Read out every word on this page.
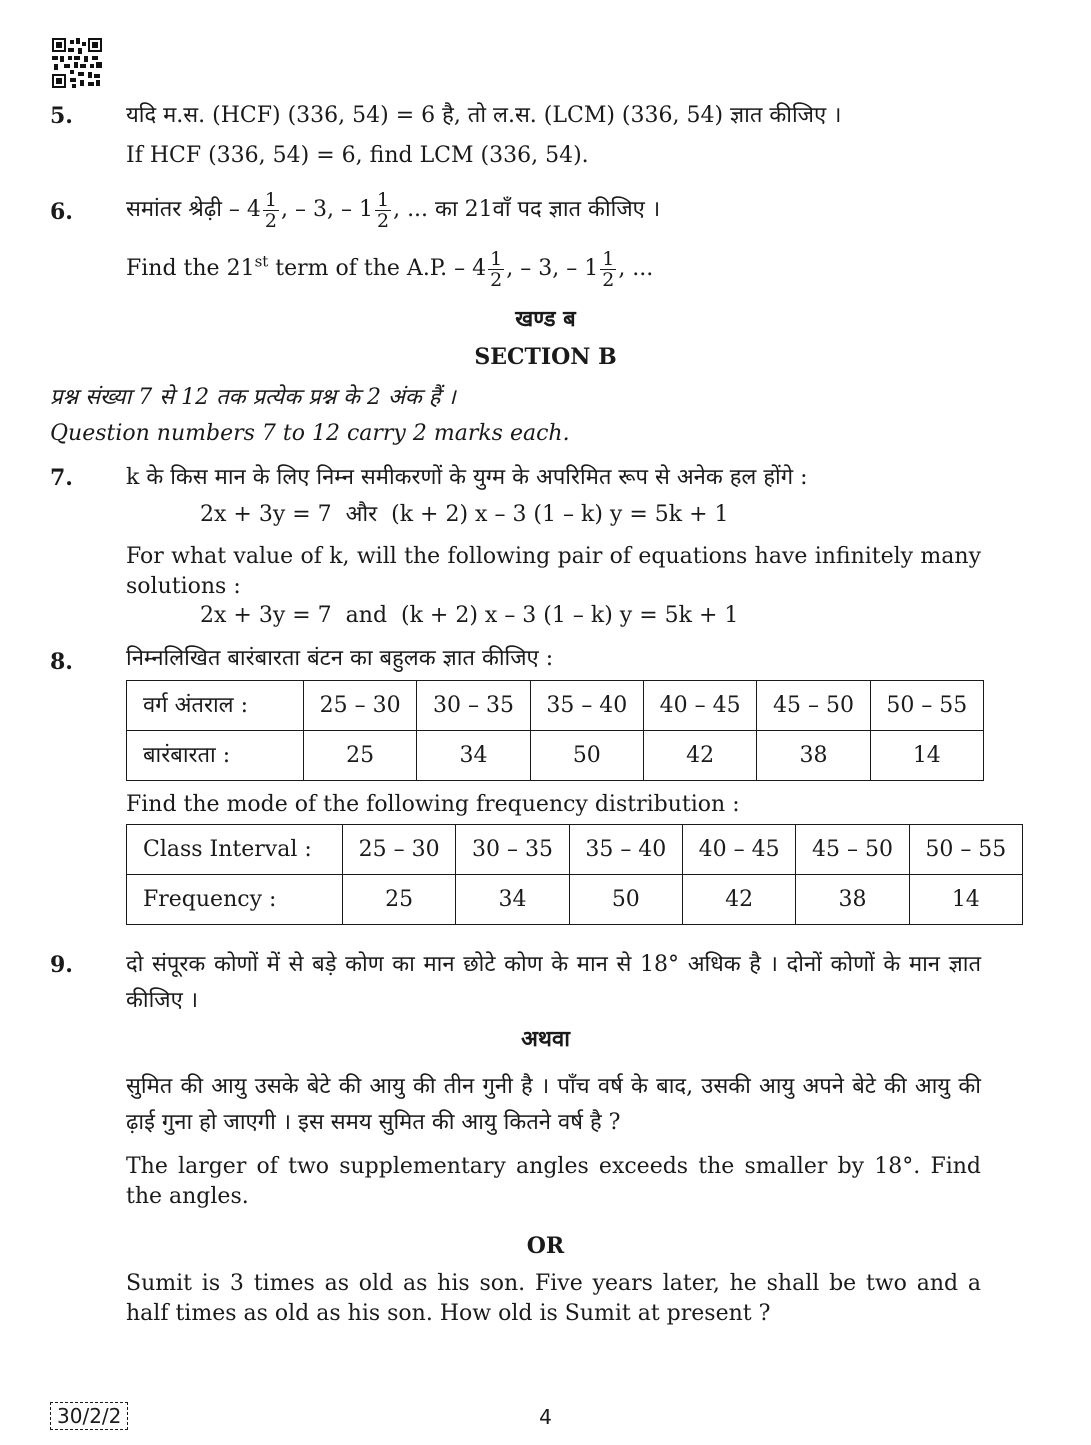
5. यदि म.स. (HCF) (336, 54) = 6 है, तो ल.स. (LCM) (336, 54) ज्ञात कीजिए ।
If HCF (336, 54) = 6, find LCM (336, 54).
6. समांतर श्रेढ़ी – $4 \frac{1}{2}$ , – 3, – $1 \frac{1}{2}$ , ... का 21वाँ पद ज्ञात कीजिए ।
Find the 21st term of the A.P. – $4 \frac{1}{2}$ , – 3, – $1 \frac{1}{2}$ , ...
खण्ड ब
SECTION B
प्रश्न संख्या 7 से 12 तक प्रत्येक प्रश्न के 2 अंक हैं ।
Question numbers 7 to 12 carry 2 marks each.
7. k के किस मान के लिए निम्न समीकरणों के युग्म के अपरिमित रूप से अनेक हल होंगे :
2x + 3y = 7  और  (k + 2) x – 3 (1 – k) y = 5k + 1

For what value of k, will the following pair of equations have infinitely many solutions :

2x + 3y = 7  and  (k + 2) x – 3 (1 – k) y = 5k + 1
8. निम्नलिखित बारंबारता बंटन का बहुलक ज्ञात कीजिए :
वर्ग अंतराल :	25 – 30	30 – 35	35 – 40	40 – 45	45 – 50	50 – 55
बारंबारता :	25	34	50	42	38	14
Find the mode of the following frequency distribution :
Class Interval :	25 – 30	30 – 35	35 – 40	40 – 45	45 – 50	50 – 55
Frequency :	25	34	50	42	38	14
9. दो संपूरक कोणों में से बड़े कोण का मान छोटे कोण के मान से 18° अधिक है । दोनों कोणों के मान ज्ञात कीजिए ।

अथवा

सुमित की आयु उसके बेटे की आयु की तीन गुनी है । पाँच वर्ष के बाद, उसकी आयु अपने बेटे की आयु की ढ़ाई गुना हो जाएगी । इस समय सुमित की आयु कितने वर्ष है ?

The larger of two supplementary angles exceeds the smaller by 18°. Find the angles.

OR

Sumit is 3 times as old as his son. Five years later, he shall be two and a half times as old as his son. How old is Sumit at present ?

30/2/2	4
